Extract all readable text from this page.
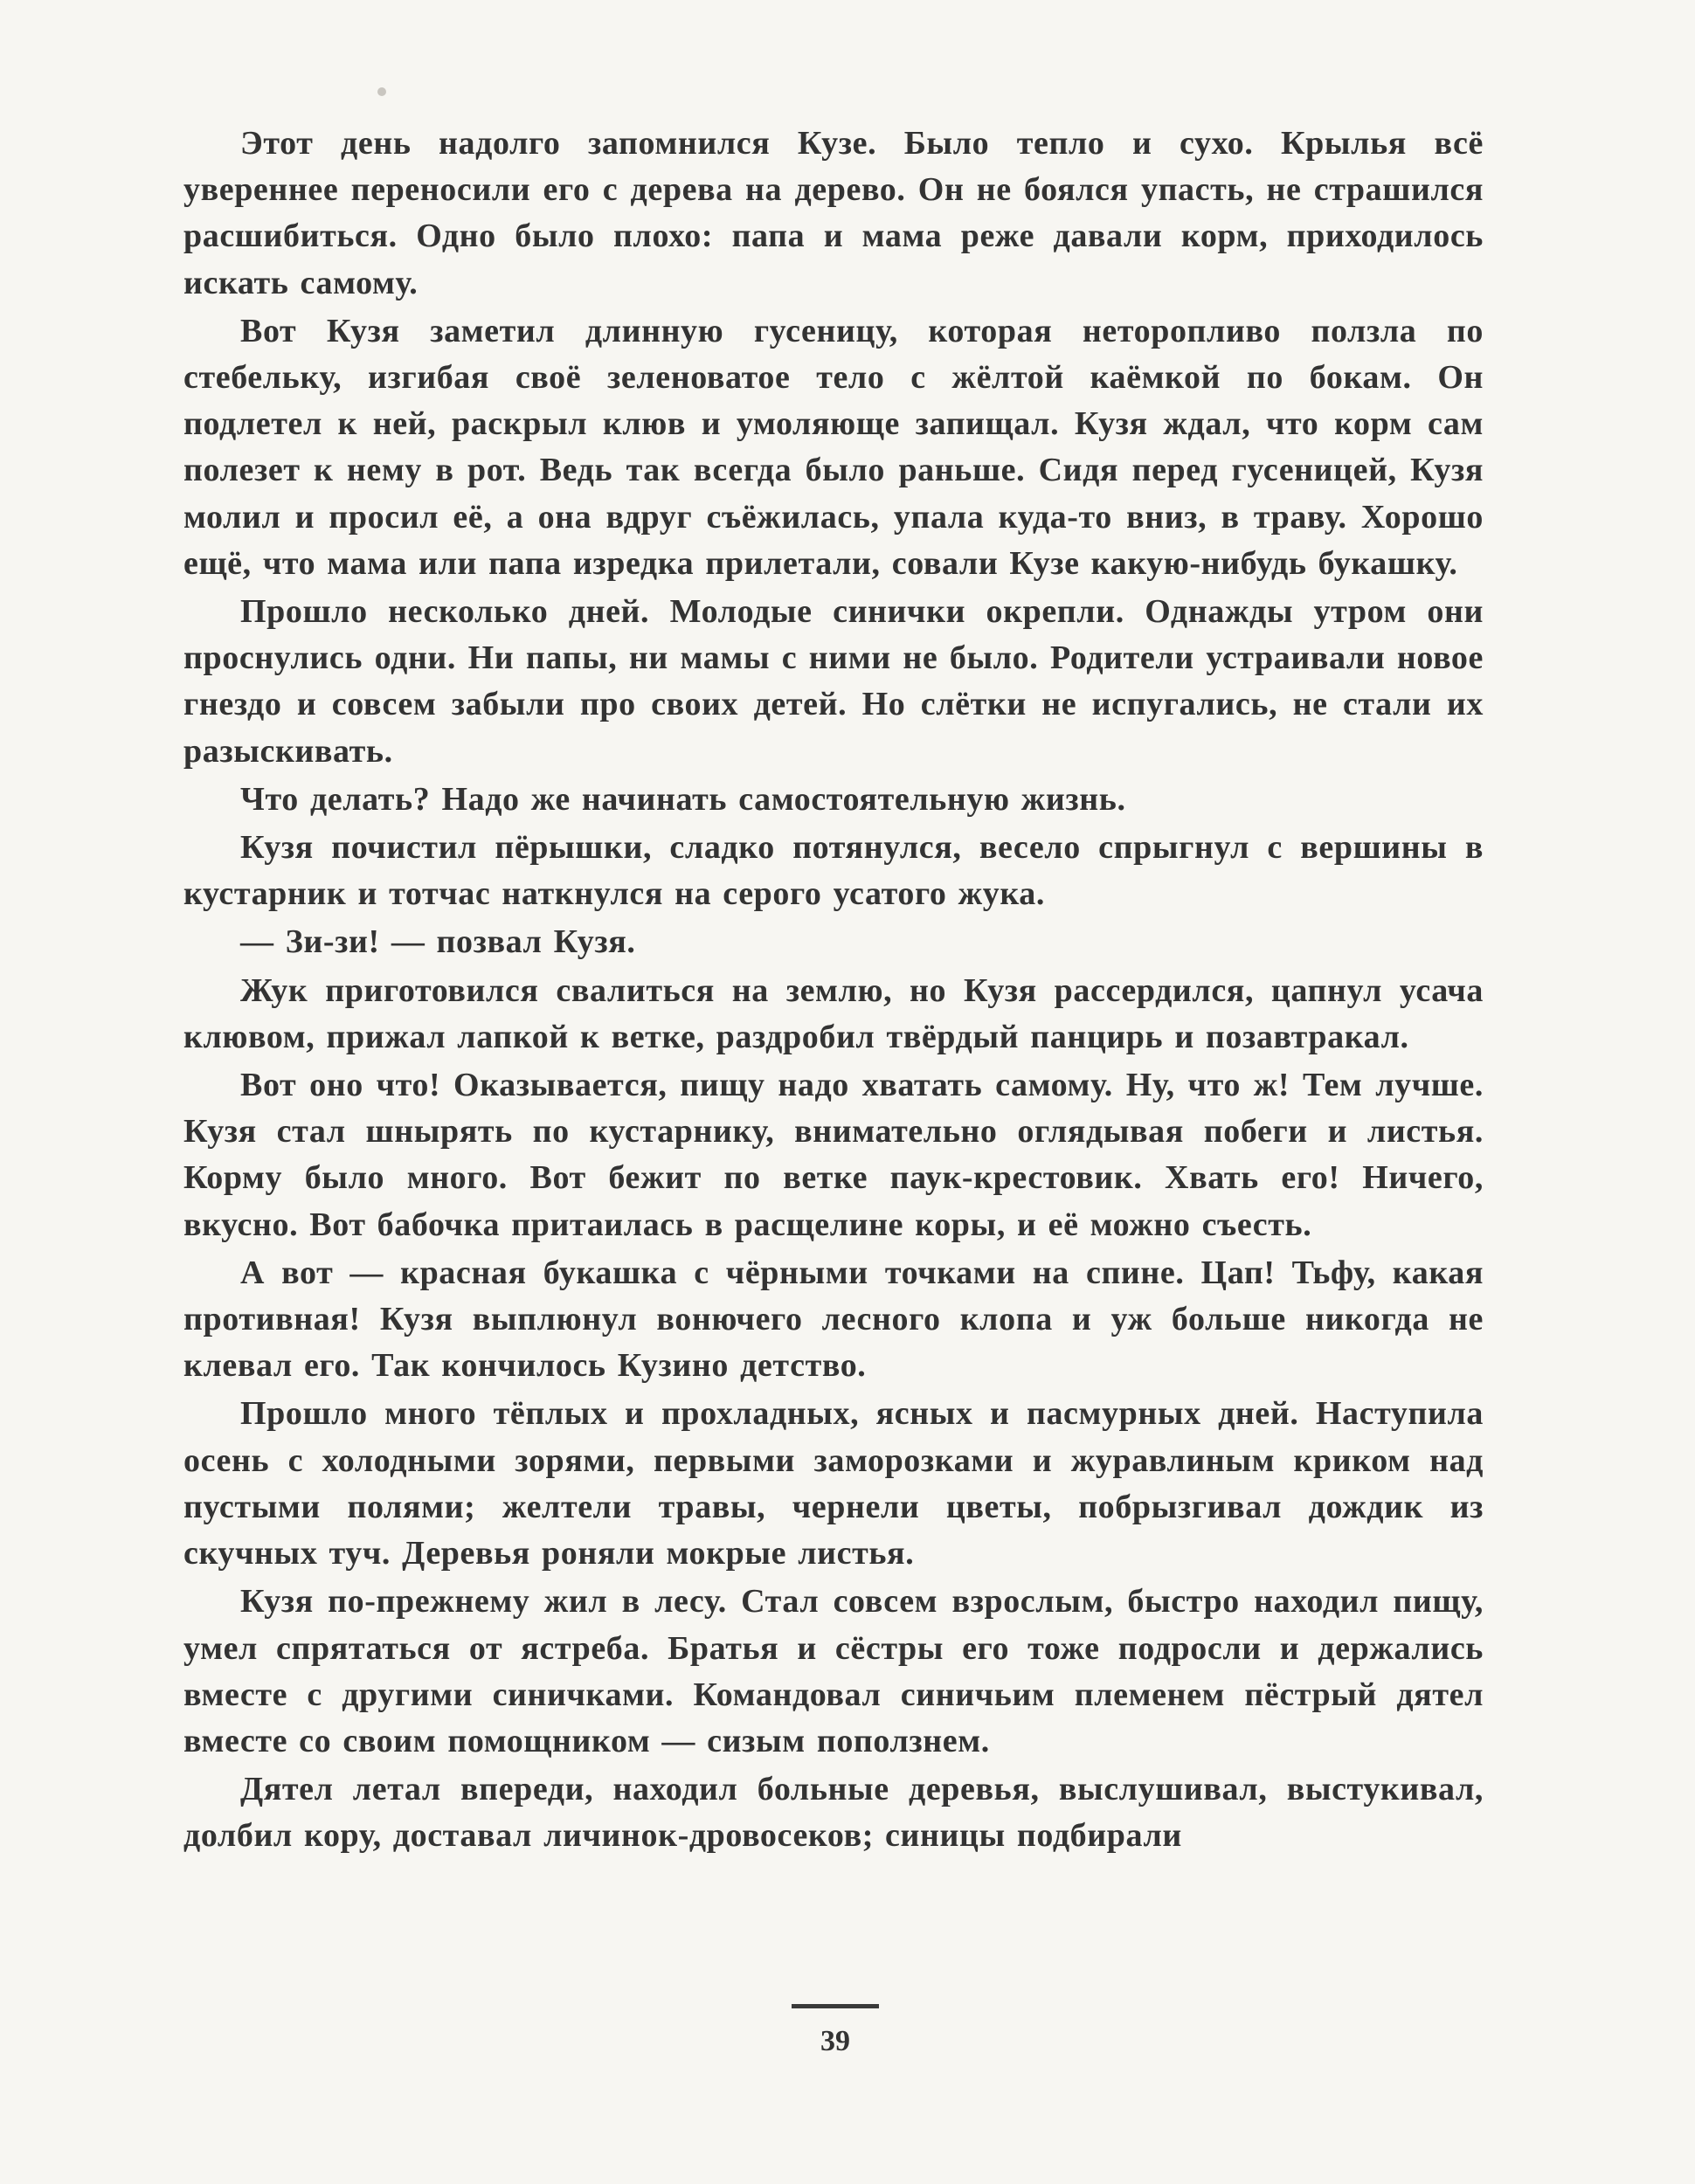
Этот день надолго запомнился Кузе. Было тепло и сухо. Крылья всё увереннее переносили его с дерева на дерево. Он не боялся упасть, не страшился расшибиться. Одно было плохо: папа и мама реже давали корм, приходилось искать самому.

Вот Кузя заметил длинную гусеницу, которая неторопливо ползла по стебельку, изгибая своё зеленоватое тело с жёлтой каёмкой по бокам. Он подлетел к ней, раскрыл клюв и умоляюще запищал. Кузя ждал, что корм сам полезет к нему в рот. Ведь так всегда было раньше. Сидя перед гусеницей, Кузя молил и просил её, а она вдруг съёжилась, упала куда-то вниз, в траву. Хорошо ещё, что мама или папа изредка прилетали, совали Кузе какую-нибудь букашку.

Прошло несколько дней. Молодые синички окрепли. Однажды утром они проснулись одни. Ни папы, ни мамы с ними не было. Родители устраивали новое гнездо и совсем забыли про своих детей. Но слётки не испугались, не стали их разыскивать.

Что делать? Надо же начинать самостоятельную жизнь.

Кузя почистил пёрышки, сладко потянулся, весело спрыгнул с вершины в кустарник и тотчас наткнулся на серого усатого жука.

— Зи-зи! — позвал Кузя.

Жук приготовился свалиться на землю, но Кузя рассердился, цапнул усача клювом, прижал лапкой к ветке, раздробил твёрдый панцирь и позавтракал.

Вот оно что! Оказывается, пищу надо хватать самому. Ну, что ж! Тем лучше. Кузя стал шнырять по кустарнику, внимательно оглядывая побеги и листья. Корму было много. Вот бежит по ветке паук-крестовик. Хвать его! Ничего, вкусно. Вот бабочка притаилась в расщелине коры, и её можно съесть.

А вот — красная букашка с чёрными точками на спине. Цап! Тьфу, какая противная! Кузя выплюнул вонючего лесного клопа и уж больше никогда не клевал его. Так кончилось Кузино детство.

Прошло много тёплых и прохладных, ясных и пасмурных дней. Наступила осень с холодными зорями, первыми заморозками и журавлиным криком над пустыми полями; желтели травы, чернели цветы, побрызгивал дождик из скучных туч. Деревья роняли мокрые листья.

Кузя по-прежнему жил в лесу. Стал совсем взрослым, быстро находил пищу, умел спрятаться от ястреба. Братья и сёстры его тоже подросли и держались вместе с другими синичками. Командовал синичьим племенем пёстрый дятел вместе со своим помощником — сизым поползнем.

Дятел летал впереди, находил больные деревья, выслушивал, выстукивал, долбил кору, доставал личинок-дровосеков; синицы подбирали

39
